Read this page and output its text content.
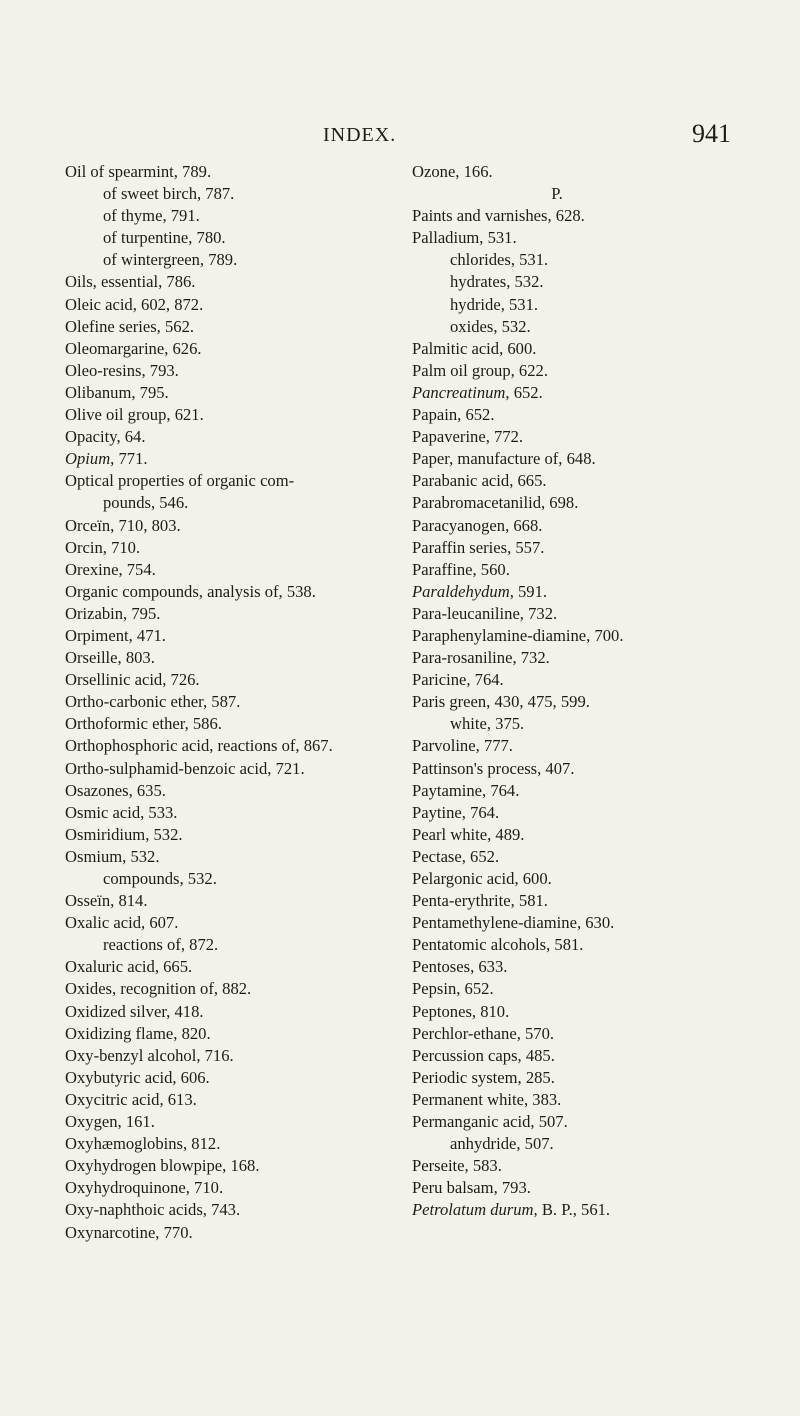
INDEX.	941
Oil of spearmint, 789.
of sweet birch, 787.
of thyme, 791.
of turpentine, 780.
of wintergreen, 789.
Oils, essential, 786.
Oleic acid, 602, 872.
Olefine series, 562.
Oleomargarine, 626.
Oleo-resins, 793.
Olibanum, 795.
Olive oil group, 621.
Opacity, 64.
Opium, 771.
Optical properties of organic com-
pounds, 546.
Orceïn, 710, 803.
Orcin, 710.
Orexine, 754.
Organic compounds, analysis of, 538.
Orizabin, 795.
Orpiment, 471.
Orseille, 803.
Orsellinic acid, 726.
Ortho-carbonic ether, 587.
Orthoformic ether, 586.
Orthophosphoric acid, reactions of, 867.
Ortho-sulphamid-benzoic acid, 721.
Osazones, 635.
Osmic acid, 533.
Osmiridium, 532.
Osmium, 532.
compounds, 532.
Osseïn, 814.
Oxalic acid, 607.
reactions of, 872.
Oxaluric acid, 665.
Oxides, recognition of, 882.
Oxidized silver, 418.
Oxidizing flame, 820.
Oxy-benzyl alcohol, 716.
Oxybutyric acid, 606.
Oxycitric acid, 613.
Oxygen, 161.
Oxyhæmoglobins, 812.
Oxyhydrogen blowpipe, 168.
Oxyhydroquinone, 710.
Oxy-naphthoic acids, 743.
Oxynarcotine, 770.
Ozone, 166.
P.
Paints and varnishes, 628.
Palladium, 531.
chlorides, 531.
hydrates, 532.
hydride, 531.
oxides, 532.
Palmitic acid, 600.
Palm oil group, 622.
Pancreatinum, 652.
Papain, 652.
Papaverine, 772.
Paper, manufacture of, 648.
Parabanic acid, 665.
Parabromacetanilid, 698.
Paracyanogen, 668.
Paraffin series, 557.
Paraffine, 560.
Paraldehydum, 591.
Para-leucaniline, 732.
Paraphenylamine-diamine, 700.
Para-rosaniline, 732.
Paricine, 764.
Paris green, 430, 475, 599.
white, 375.
Parvoline, 777.
Pattinson's process, 407.
Paytamine, 764.
Paytine, 764.
Pearl white, 489.
Pectase, 652.
Pelargonic acid, 600.
Penta-erythrite, 581.
Pentamethylene-diamine, 630.
Pentatomic alcohols, 581.
Pentoses, 633.
Pepsin, 652.
Peptones, 810.
Perchlor-ethane, 570.
Percussion caps, 485.
Periodic system, 285.
Permanent white, 383.
Permanganic acid, 507.
anhydride, 507.
Perseite, 583.
Peru balsam, 793.
Petrolatum durum, B. P., 561.
